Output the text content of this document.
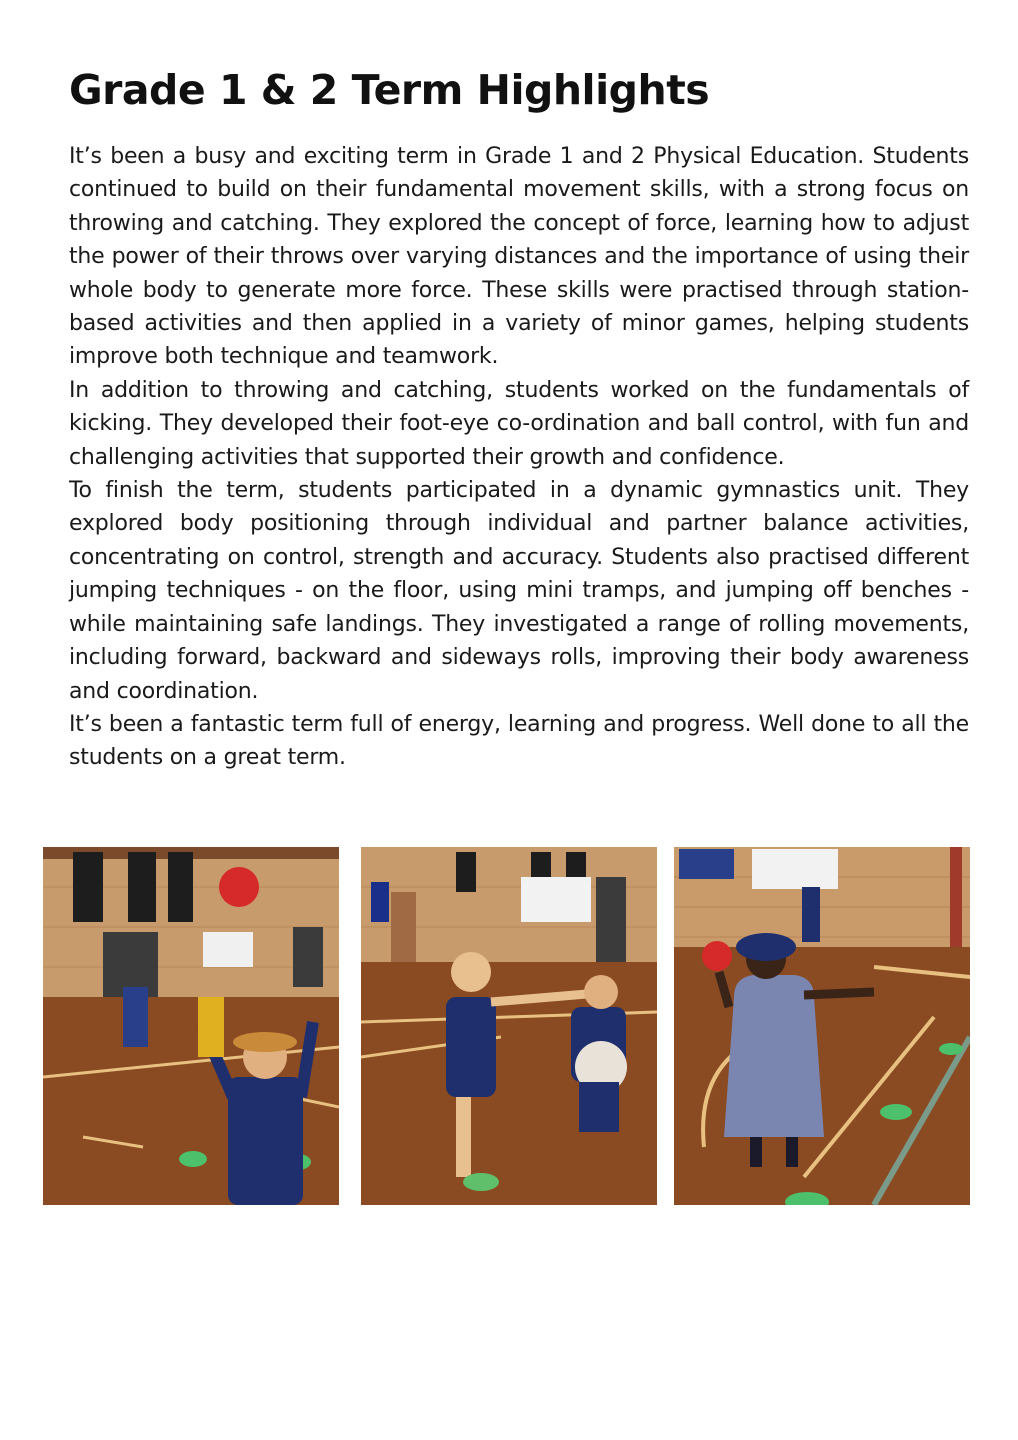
Grade 1 & 2 Term Highlights

It’s been a busy and exciting term in Grade 1 and 2 Physical Education. Students continued to build on their fundamental movement skills, with a strong focus on throwing and catching. They explored the concept of force, learning how to adjust the power of their throws over varying distances and the importance of using their whole body to generate more force. These skills were practised through station-based activities and then applied in a variety of minor games, helping students improve both technique and teamwork.

In addition to throwing and catching, students worked on the fundamentals of kicking. They developed their foot-eye co-ordination and ball control, with fun and challenging activities that supported their growth and confidence.

To finish the term, students participated in a dynamic gymnastics unit. They explored body positioning through individual and partner balance activities, concentrating on control, strength and accuracy. Students also practised different jumping techniques - on the floor, using mini tramps, and jumping off benches - while maintaining safe landings. They investigated a range of rolling movements, including forward, backward and sideways rolls, improving their body awareness and coordination.

It’s been a fantastic term full of energy, learning and progress. Well done to all the students on a great term.
